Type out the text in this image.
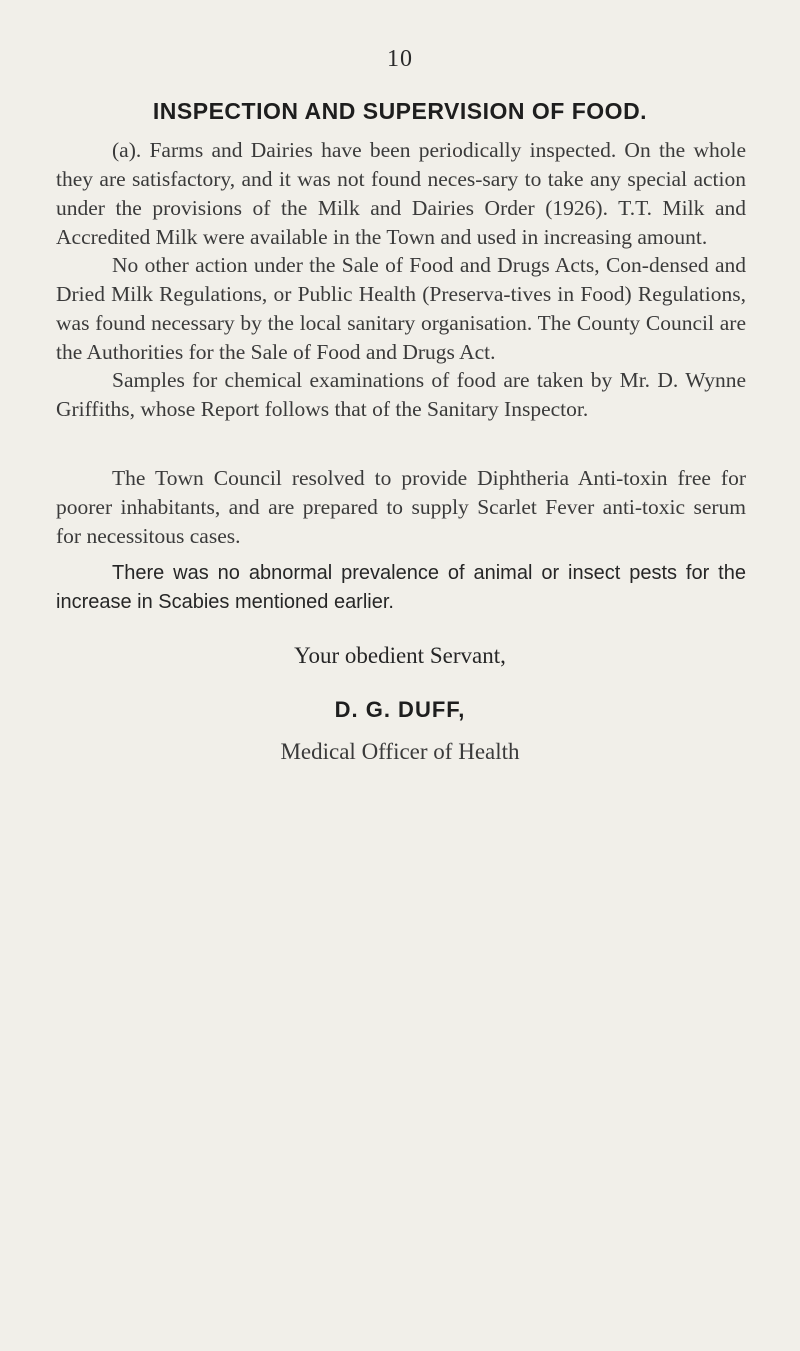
10
INSPECTION AND SUPERVISION OF FOOD.

(a). Farms and Dairies have been periodically inspected. On the whole they are satisfactory, and it was not found neces-sary to take any special action under the provisions of the Milk and Dairies Order (1926). T.T. Milk and Accredited Milk were available in the Town and used in increasing amount.

No other action under the Sale of Food and Drugs Acts, Con-densed and Dried Milk Regulations, or Public Health (Preserva-tives in Food) Regulations, was found necessary by the local sanitary organisation. The County Council are the Authorities for the Sale of Food and Drugs Act.

Samples for chemical examinations of food are taken by Mr. D. Wynne Griffiths, whose Report follows that of the Sanitary Inspector.

The Town Council resolved to provide Diphtheria Anti-toxin free for poorer inhabitants, and are prepared to supply Scarlet Fever anti-toxic serum for necessitous cases.

There was no abnormal prevalence of animal or insect pests for the increase in Scabies mentioned earlier.

Your obedient Servant,
D. G. DUFF,
Medical Officer of Health
